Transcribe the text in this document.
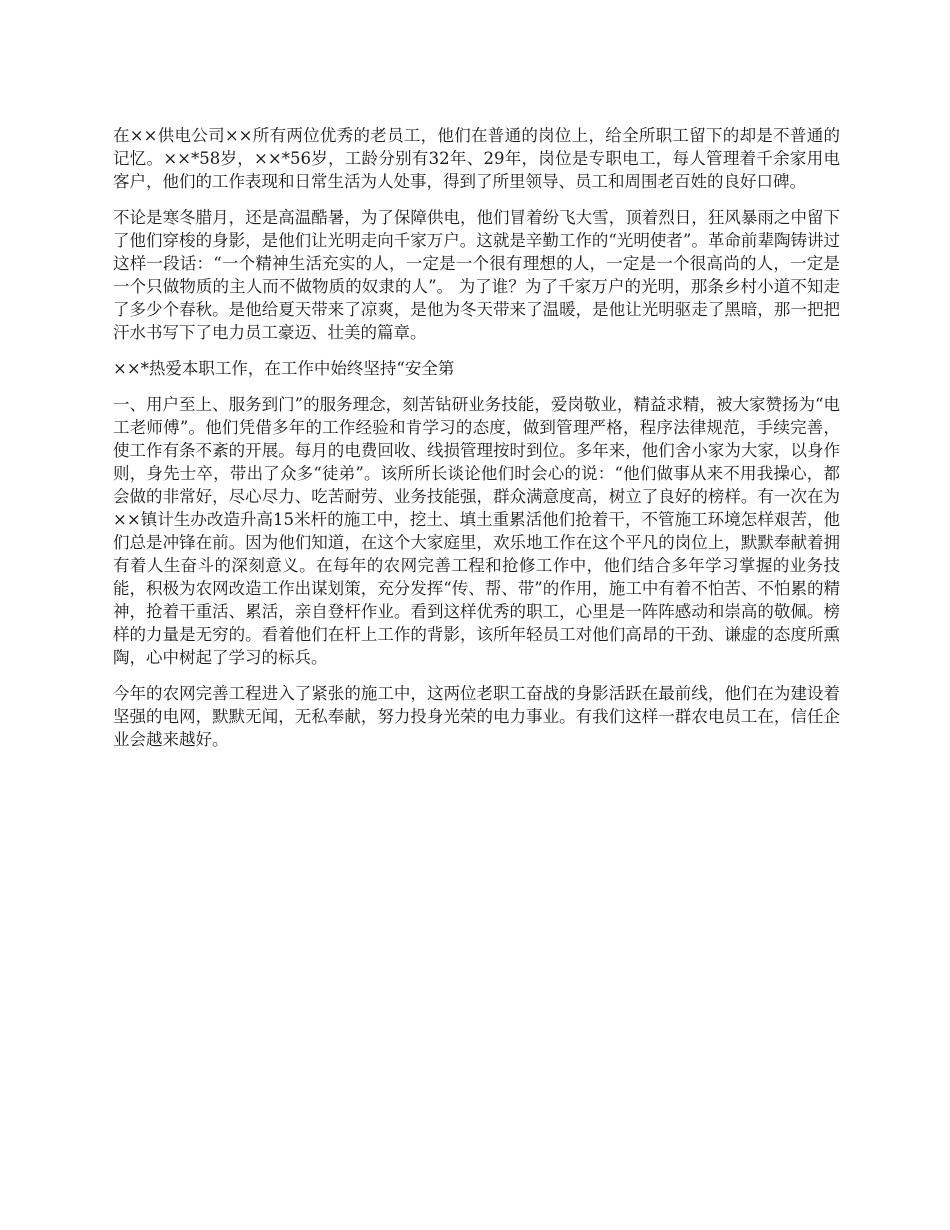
在××供电公司××所有两位优秀的老员工，他们在普通的岗位上，给全所职工留下的却是不普通的记忆。××*58岁，××*56岁，工龄分别有32年、29年，岗位是专职电工，每人管理着千余家用电客户，他们的工作表现和日常生活为人处事，得到了所里领导、员工和周围老百姓的良好口碑。

不论是寒冬腊月，还是高温酷暑，为了保障供电，他们冒着纷飞大雪，顶着烈日，狂风暴雨之中留下了他们穿梭的身影，是他们让光明走向千家万户。这就是辛勤工作的“光明使者”。革命前辈陶铸讲过这样一段话：“一个精神生活充实的人，一定是一个很有理想的人，一定是一个很高尚的人，一定是一个只做物质的主人而不做物质的奴隶的人”。 为了谁？为了千家万户的光明，那条乡村小道不知走了多少个春秋。是他给夏天带来了凉爽，是他为冬天带来了温暖，是他让光明驱走了黑暗，那一把把汗水书写下了电力员工豪迈、壮美的篇章。

××*热爱本职工作，在工作中始终坚持“安全第

一、用户至上、服务到门”的服务理念，刻苦钻研业务技能，爱岗敬业，精益求精，被大家赞扬为“电工老师傅”。他们凭借多年的工作经验和肯学习的态度，做到管理严格，程序法律规范，手续完善，使工作有条不紊的开展。每月的电费回收、线损管理按时到位。多年来，他们舍小家为大家，以身作则，身先士卒，带出了众多“徒弟”。该所所长谈论他们时会心的说：“他们做事从来不用我操心，都会做的非常好，尽心尽力、吃苦耐劳、业务技能强，群众满意度高，树立了良好的榜样。有一次在为××镇计生办改造升高15米杆的施工中，挖土、填土重累活他们抢着干，不管施工环境怎样艰苦，他们总是冲锋在前。因为他们知道，在这个大家庭里，欢乐地工作在这个平凡的岗位上，默默奉献着拥有着人生奋斗的深刻意义。在每年的农网完善工程和抢修工作中，他们结合多年学习掌握的业务技能，积极为农网改造工作出谋划策，充分发挥“传、帮、带”的作用，施工中有着不怕苦、不怕累的精神，抢着干重活、累活，亲自登杆作业。看到这样优秀的职工，心里是一阵阵感动和崇高的敬佩。榜样的力量是无穷的。看着他们在杆上工作的背影，该所年轻员工对他们高昂的干劲、谦虚的态度所熏陶，心中树起了学习的标兵。

今年的农网完善工程进入了紧张的施工中，这两位老职工奋战的身影活跃在最前线，他们在为建设着坚强的电网，默默无闻，无私奉献，努力投身光荣的电力事业。有我们这样一群农电员工在，信任企业会越来越好。
